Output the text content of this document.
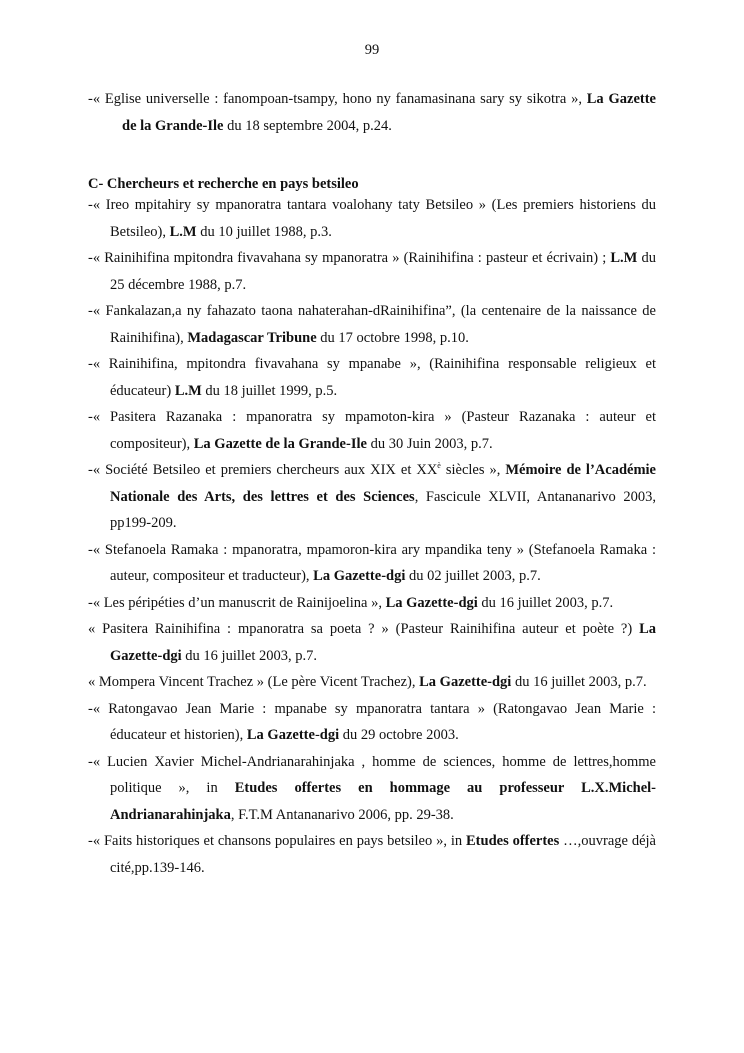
99

-« Eglise universelle : fanompoan-tsampy, hono ny fanamasinana sary sy sikotra », La Gazette de la Grande-Ile du 18 septembre 2004, p.24.

C- Chercheurs et recherche en pays betsileo

-« Ireo mpitahiry sy mpanoratra tantara voalohany taty Betsileo » (Les premiers historiens du Betsileo), L.M du 10 juillet 1988, p.3.

-« Rainihifina mpitondra fivavahana sy mpanoratra » (Rainihifina : pasteur et écrivain) ; L.M du 25 décembre 1988, p.7.

-« Fankalazan,a ny fahazato taona nahaterahan-dRainihifina”, (la centenaire de la naissance de Rainihifina), Madagascar Tribune du 17 octobre 1998, p.10.

-« Rainihifina, mpitondra fivavahana sy mpanabe », (Rainihifina responsable religieux et éducateur) L.M du 18 juillet 1999, p.5.

-« Pasitera Razanaka : mpanoratra sy mpamoton-kira » (Pasteur Razanaka : auteur et compositeur), La Gazette de la Grande-Ile du 30 Juin 2003, p.7.

-« Société Betsileo et premiers chercheurs aux XIX et $XX^è$ siècles », Mémoire de l’Académie Nationale des Arts, des lettres et des Sciences, Fascicule XLVII, Antananarivo 2003, pp199-209.

-« Stefanoela Ramaka : mpanoratra, mpamoron-kira ary mpandika teny » (Stefanoela Ramaka : auteur, compositeur et traducteur), La Gazette-dgi du 02 juillet 2003, p.7.

-« Les péripéties d’un manuscrit de Rainijoelina », La Gazette-dgi du 16 juillet 2003, p.7.

« Pasitera Rainihifina : mpanoratra sa poeta ? » (Pasteur Rainihifina auteur et poète ?) La Gazette-dgi du 16 juillet 2003, p.7.

« Mompera Vincent Trachez » (Le père Vicent Trachez), La Gazette-dgi du 16 juillet 2003, p.7.

-« Ratongavao Jean Marie : mpanabe sy mpanoratra tantara » (Ratongavao Jean Marie : éducateur et historien), La Gazette-dgi du 29 octobre 2003.

-« Lucien Xavier Michel-Andrianarahinjaka , homme de sciences, homme de lettres,homme politique », in Etudes offertes en hommage au professeur L.X.Michel-Andrianarahinjaka, F.T.M Antananarivo 2006, pp. 29-38.

-« Faits historiques et chansons populaires en pays betsileo », in Etudes offertes …,ouvrage déjà cité,pp.139-146.
